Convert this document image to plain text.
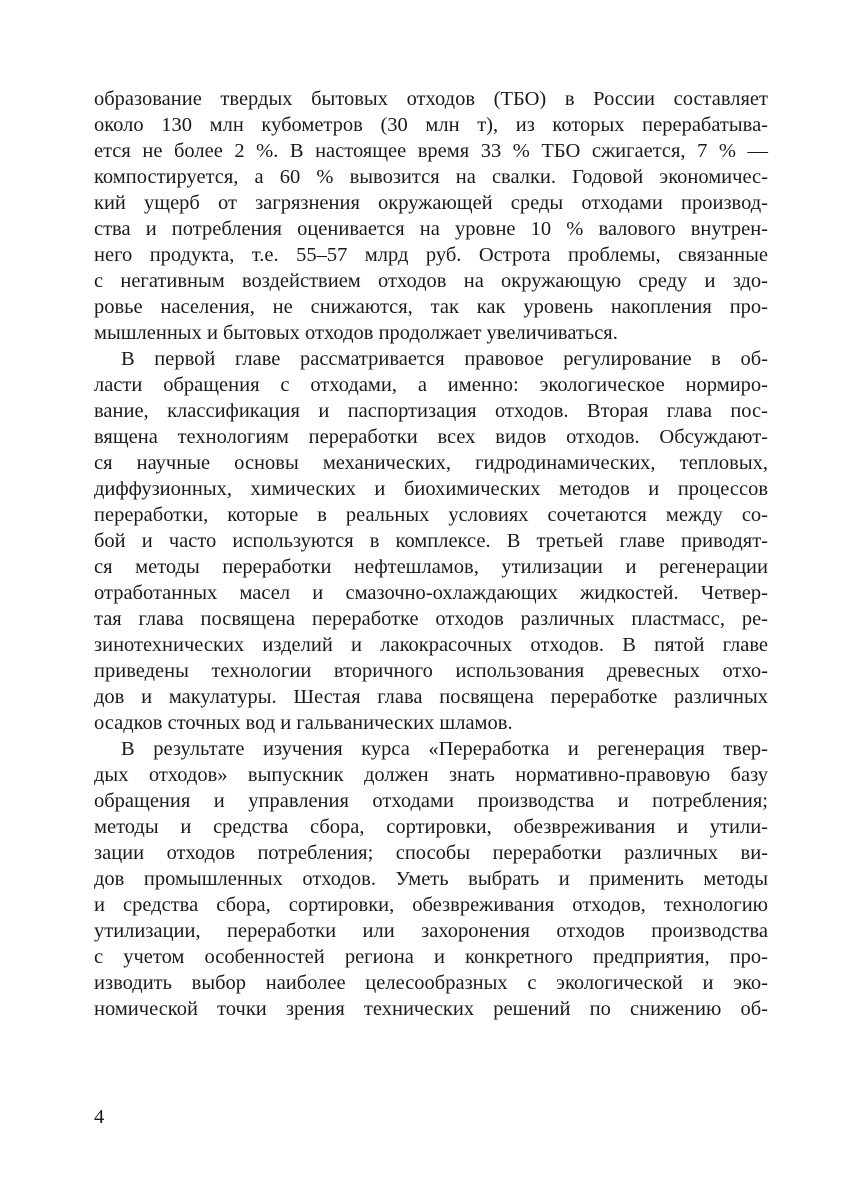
образование твердых бытовых отходов (ТБО) в России составляет
около 130 млн кубометров (30 млн т), из которых перерабатыва-
ется не более 2 %. В настоящее время 33 % ТБО сжигается, 7 % —
компостируется, а 60 % вывозится на свалки. Годовой экономичес-
кий ущерб от загрязнения окружающей среды отходами производ-
ства и потребления оценивается на уровне 10 % валового внутрен-
него продукта, т.е. 55–57 млрд руб. Острота проблемы, связанные
с негативным воздействием отходов на окружающую среду и здо-
ровье населения, не снижаются, так как уровень накопления про-
мышленных и бытовых отходов продолжает увеличиваться.
В первой главе рассматривается правовое регулирование в об-
ласти обращения с отходами, а именно: экологическое нормиро-
вание, классификация и паспортизация отходов. Вторая глава пос-
вящена технологиям переработки всех видов отходов. Обсуждают-
ся научные основы механических, гидродинамических, тепловых,
диффузионных, химических и биохимических методов и процессов
переработки, которые в реальных условиях сочетаются между со-
бой и часто используются в комплексе. В третьей главе приводят-
ся методы переработки нефтешламов, утилизации и регенерации
отработанных масел и смазочно-охлаждающих жидкостей. Четвер-
тая глава посвящена переработке отходов различных пластмасс, ре-
зинотехнических изделий и лакокрасочных отходов. В пятой главе
приведены технологии вторичного использования древесных отхо-
дов и макулатуры. Шестая глава посвящена переработке различных
осадков сточных вод и гальванических шламов.
В результате изучения курса «Переработка и регенерация твер-
дых отходов» выпускник должен знать нормативно-правовую базу
обращения и управления отходами производства и потребления;
методы и средства сбора, сортировки, обезвреживания и утили-
зации отходов потребления; способы переработки различных ви-
дов промышленных отходов. Уметь выбрать и применить методы
и средства сбора, сортировки, обезвреживания отходов, технологию
утилизации, переработки или захоронения отходов производства
с учетом особенностей региона и конкретного предприятия, про-
изводить выбор наиболее целесообразных с экологической и эко-
номической точки зрения технических решений по снижению об-
4
